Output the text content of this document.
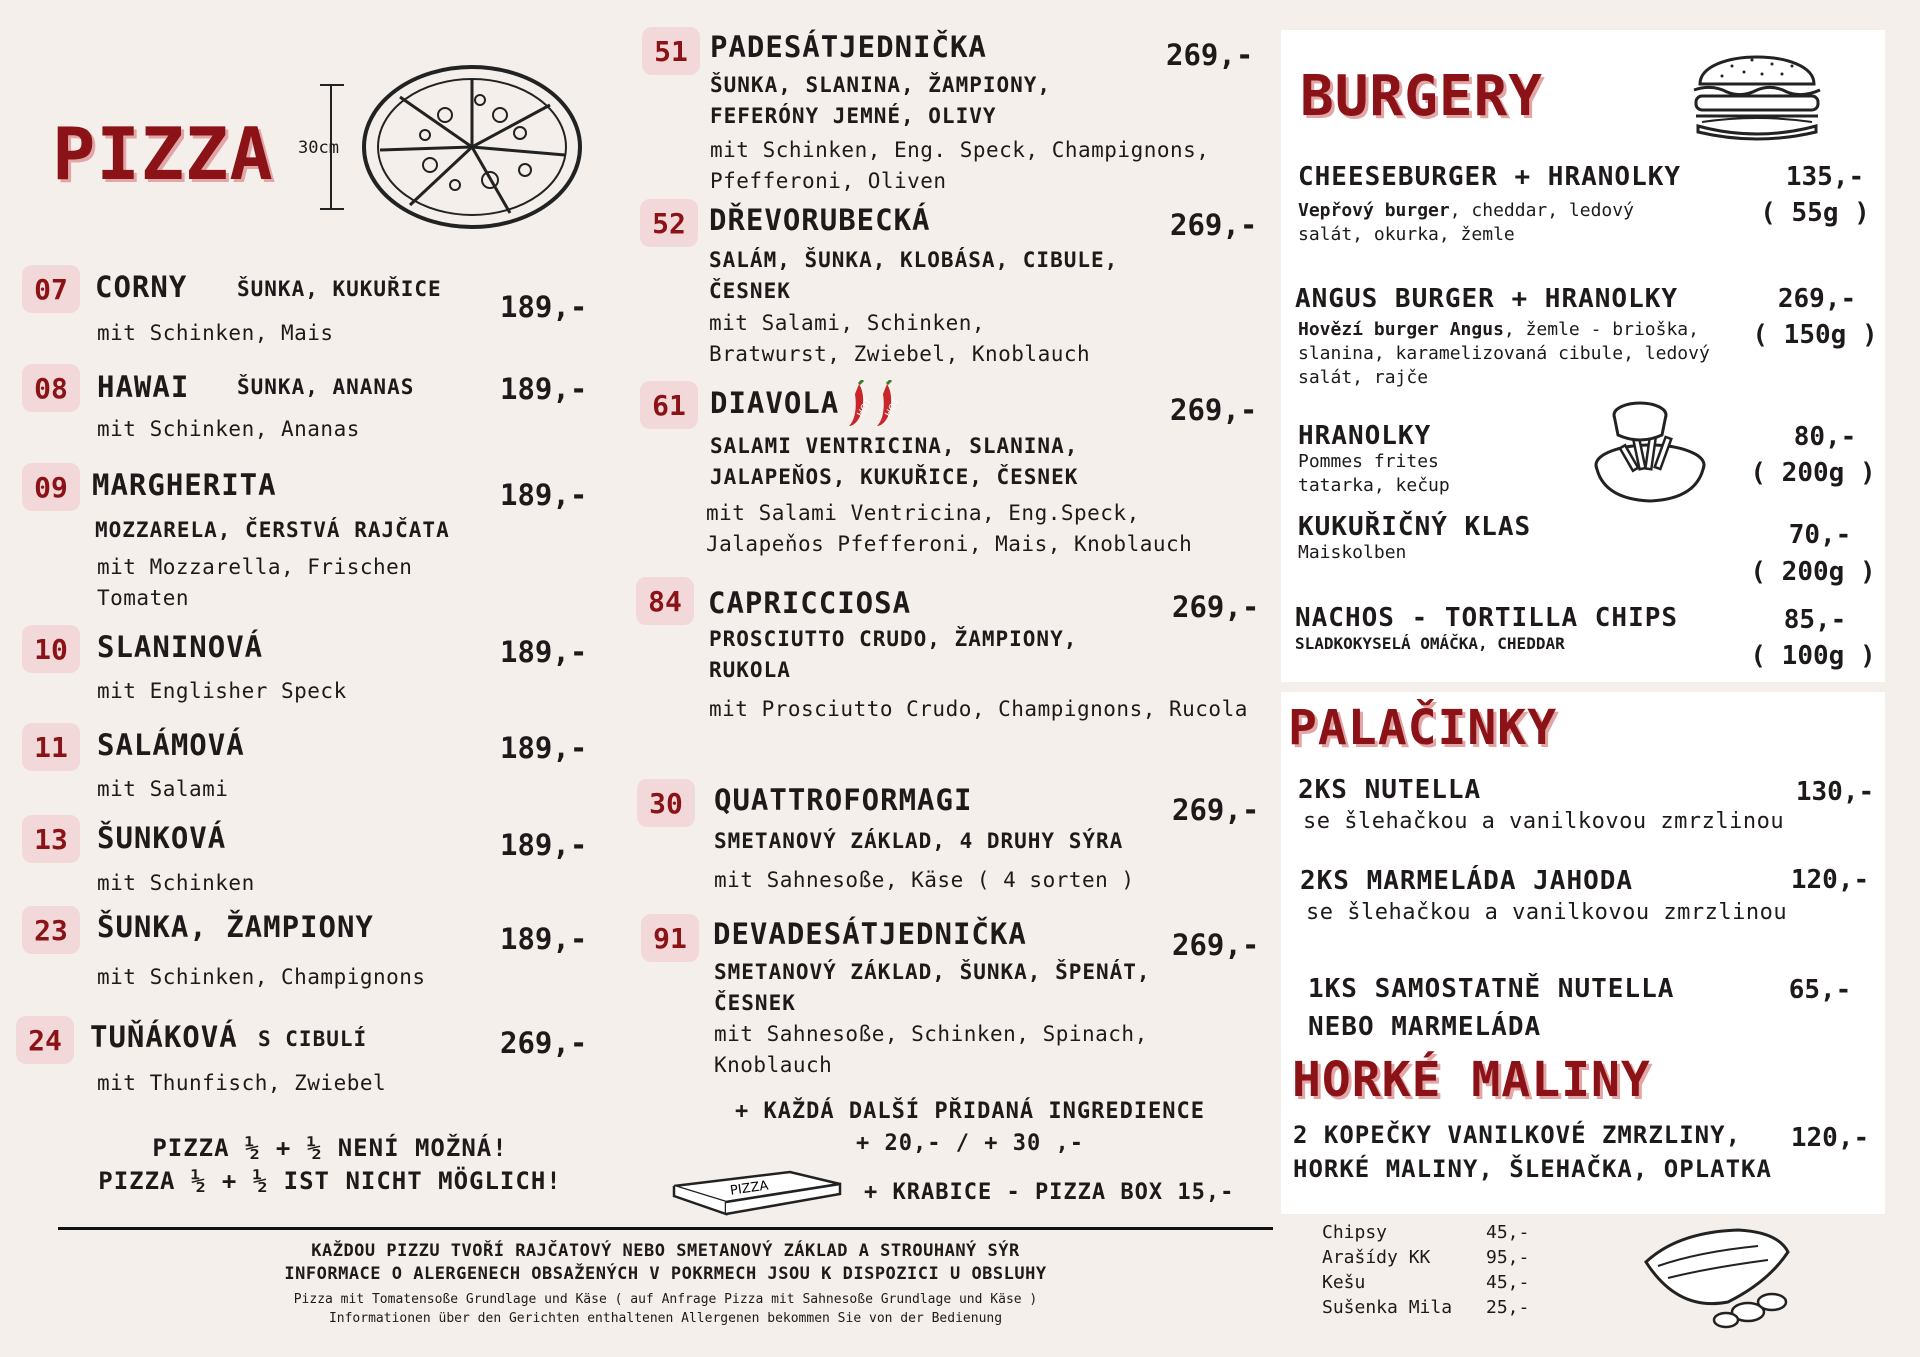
PIZZA 30cm
07 CORNY ŠUNKA, KUKUŘICE
mit Schinken, Mais
189,-
08	HAWAI ŠUNKA, ANANAS
mit Schinken, Ananas
189,-
09 MARGHERITA	189,-
MOZZARELA, ČERSTVÁ RAJČATA
mit Mozzarella, Frischen Tomaten
10	SLANINOVÁ	189,-
mit Englisher Speck
11	SALÁMOVÁ	189,-
mit Salami
13	ŠUNKOVÁ	189,-
mit Schinken
23	ŠUNKA, ŽAMPIONY	189,-
mit Schinken, Champignons
24 TUŇÁKOVÁ S CIBULÍ	269,-
mit Thunfisch, Zwiebel
PIZZA ½ + ½ NENÍ MOŽNÁ!
PIZZA ½ + ½ IST NICHT MÖGLICH!
51 PADESÁTJEDNIČKA	269,-
ŠUNKA, SLANINA, ŽAMPIONY, FEFERÓNY JEMNÉ, OLIVY
mit Schinken, Eng. Speck, Champignons, Pfefferoni, Oliven
52 DŘEVORUBECKÁ	269,-
SALÁM, ŠUNKA, KLOBÁSA, CIBULE, ČESNEK
mit Salami, Schinken, Bratwurst, Zwiebel, Knoblauch
61 DIAVOLA HOT HOT	269,-
SALAMI VENTRICINA, SLANINA, JALAPEŇOS, KUKUŘICE, ČESNEK
mit Salami Ventricina, Eng.Speck, Jalapeňos Pfefferoni, Mais, Knoblauch
84 CAPRICCIOSA	269,-
PROSCIUTTO CRUDO, ŽAMPIONY, RUKOLA
mit Prosciutto Crudo, Champignons, Rucola
30	QUATTROFORMAGI	269,-
SMETANOVÝ ZÁKLAD, 4 DRUHY SÝRA
mit Sahnesoße, Käse ( 4 sorten )
91 DEVADESÁTJEDNIČKA	269,-
SMETANOVÝ ZÁKLAD, ŠUNKA, ŠPENÁT, ČESNEK
mit Sahnesoße, Schinken, Spinach, Knoblauch
+ KAŽDÁ DALŠÍ PŘIDANÁ INGREDIENCE
+ 20,- / + 30 ,-
PIZZA	+ KRABICE - PIZZA BOX 15,-
KAŽDOU PIZZU TVOŘÍ RAJČATOVÝ NEBO SMETANOVÝ ZÁKLAD A STROUHANÝ SÝR
INFORMACE O ALERGENECH OBSAŽENÝCH V POKRMECH JSOU K DISPOZICI U OBSLUHY
Pizza mit Tomatensoße Grundlage und Käse ( auf Anfrage Pizza mit Sahnesoße Grundlage und Käse )
Informationen über den Gerichten enthaltenen Allergenen bekommen Sie von der Bedienung
BURGERY
CHEESEBURGER + HRANOLKY	135,-
Vepřový burger, cheddar, ledový salát, okurka, žemle
( 55g )
ANGUS BURGER + HRANOLKY	269,-
Hovězí burger Angus, žemle - brioška, slanina, karamelizovaná cibule, ledový salát, rajče
( 150g )
HRANOLKY
Pommes frites
tatarka, kečup
80,-
( 200g )
KUKUŘIČNÝ KLAS
Maiskolben
70,-
( 200g )
NACHOS - TORTILLA CHIPS
SLADKOKYSELÁ OMÁČKA, CHEDDAR
85,-
( 100g )
PALAČINKY
2KS NUTELLA
se šlehačkou a vanilkovou zmrzlinou
130,-
2KS MARMELÁDA JAHODA
se šlehačkou a vanilkovou zmrzlinou
120,-
1KS SAMOSTATNĚ NUTELLA
NEBO MARMELÁDA
65,-
HORKÉ MALINY
2 KOPEČKY VANILKOVÉ ZMRZLINY,
HORKÉ MALINY, ŠLEHAČKA, OPLATKA
120,-
Chipsy	45,-
Arašídy KK	95,-
Kešu	45,-
Sušenka Mila	25,-
